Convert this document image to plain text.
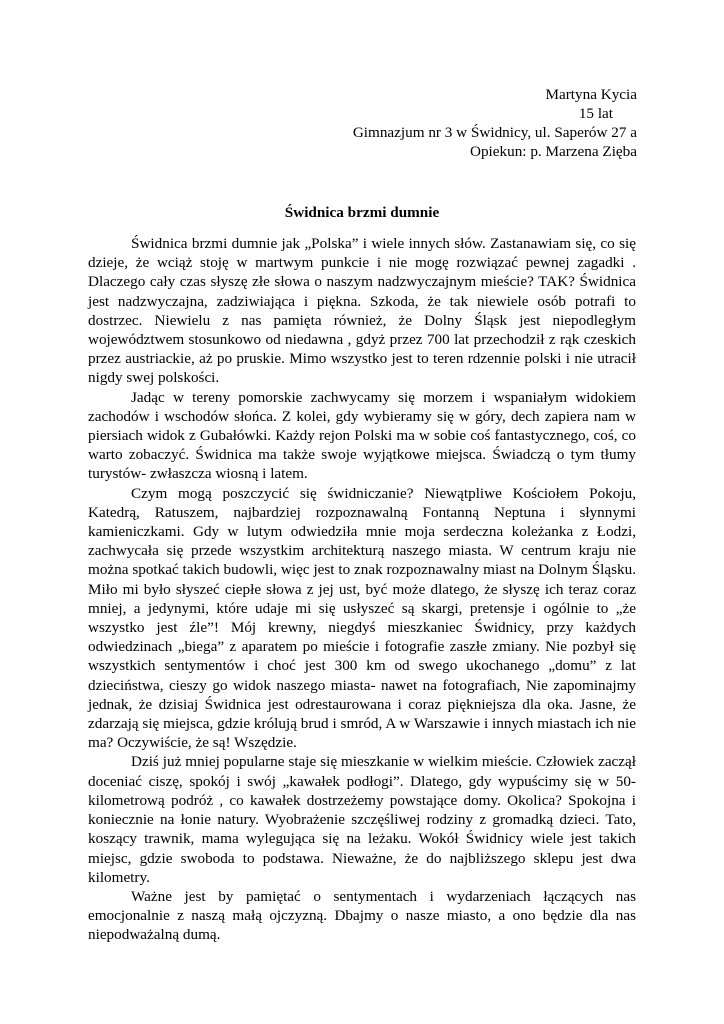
Martyna Kycia
15 lat
Gimnazjum nr 3 w Świdnicy, ul. Saperów 27 a
Opiekun: p. Marzena Zięba
Świdnica brzmi dumnie

Świdnica brzmi dumnie jak „Polska” i wiele innych słów. Zastanawiam się, co się dzieje, że wciąż stoję w martwym punkcie i nie mogę rozwiązać pewnej zagadki . Dlaczego cały czas słyszę złe słowa o naszym nadzwyczajnym mieście? TAK? Świdnica jest nadzwyczajna, zadziwiająca i piękna. Szkoda, że tak niewiele osób potrafi to dostrzec. Niewielu z nas pamięta również, że Dolny Śląsk jest niepodległym województwem stosunkowo od niedawna , gdyż przez 700 lat przechodził z rąk czeskich przez austriackie, aż po pruskie. Mimo wszystko jest to teren rdzennie polski i nie utracił nigdy swej polskości.

Jadąc w tereny pomorskie zachwycamy się morzem i wspaniałym widokiem zachodów i wschodów słońca. Z kolei, gdy wybieramy się w góry, dech zapiera nam w piersiach widok z Gubałówki. Każdy rejon Polski ma w sobie coś fantastycznego, coś, co warto zobaczyć. Świdnica ma także swoje wyjątkowe miejsca. Świadczą o tym tłumy turystów- zwłaszcza wiosną i latem.

Czym mogą poszczycić się świdniczanie? Niewątpliwe Kościołem Pokoju, Katedrą, Ratuszem, najbardziej rozpoznawalną Fontanną Neptuna i słynnymi kamieniczkami. Gdy w lutym odwiedziła mnie moja serdeczna koleżanka z Łodzi, zachwycała się przede wszystkim architekturą naszego miasta. W centrum kraju nie można spotkać takich budowli, więc jest to znak rozpoznawalny miast na Dolnym Śląsku. Miło mi było słyszeć ciepłe słowa z jej ust, być może dlatego, że słyszę ich teraz coraz mniej, a jedynymi, które udaje mi się usłyszeć są skargi, pretensje i ogólnie to „że wszystko jest źle”! Mój krewny, niegdyś mieszkaniec Świdnicy, przy każdych odwiedzinach „biega” z aparatem po mieście i fotografie zaszłe zmiany. Nie pozbył się wszystkich sentymentów i choć jest 300 km od swego ukochanego „domu” z lat dzieciństwa, cieszy go widok naszego miasta- nawet na fotografiach, Nie zapominajmy jednak, że dzisiaj Świdnica jest odrestaurowana i coraz piękniejsza dla oka. Jasne, że zdarzają się miejsca, gdzie królują brud i smród, A w Warszawie i innych miastach ich nie ma? Oczywiście, że są! Wszędzie.

Dziś już mniej popularne staje się mieszkanie w wielkim mieście. Człowiek zaczął doceniać ciszę, spokój i swój „kawałek podłogi”. Dlatego, gdy wypuścimy się w 50-kilometrową podróż , co kawałek dostrzeżemy powstające domy. Okolica? Spokojna i koniecznie na łonie natury. Wyobrażenie szczęśliwej rodziny z gromadką dzieci. Tato, koszący trawnik, mama wylegująca się na leżaku. Wokół Świdnicy wiele jest takich miejsc, gdzie swoboda to podstawa. Nieważne, że do najbliższego sklepu jest dwa kilometry.

Ważne jest by pamiętać o sentymentach i wydarzeniach łączących nas emocjonalnie z naszą małą ojczyzną. Dbajmy o nasze miasto, a ono będzie dla nas niepodważalną dumą.
